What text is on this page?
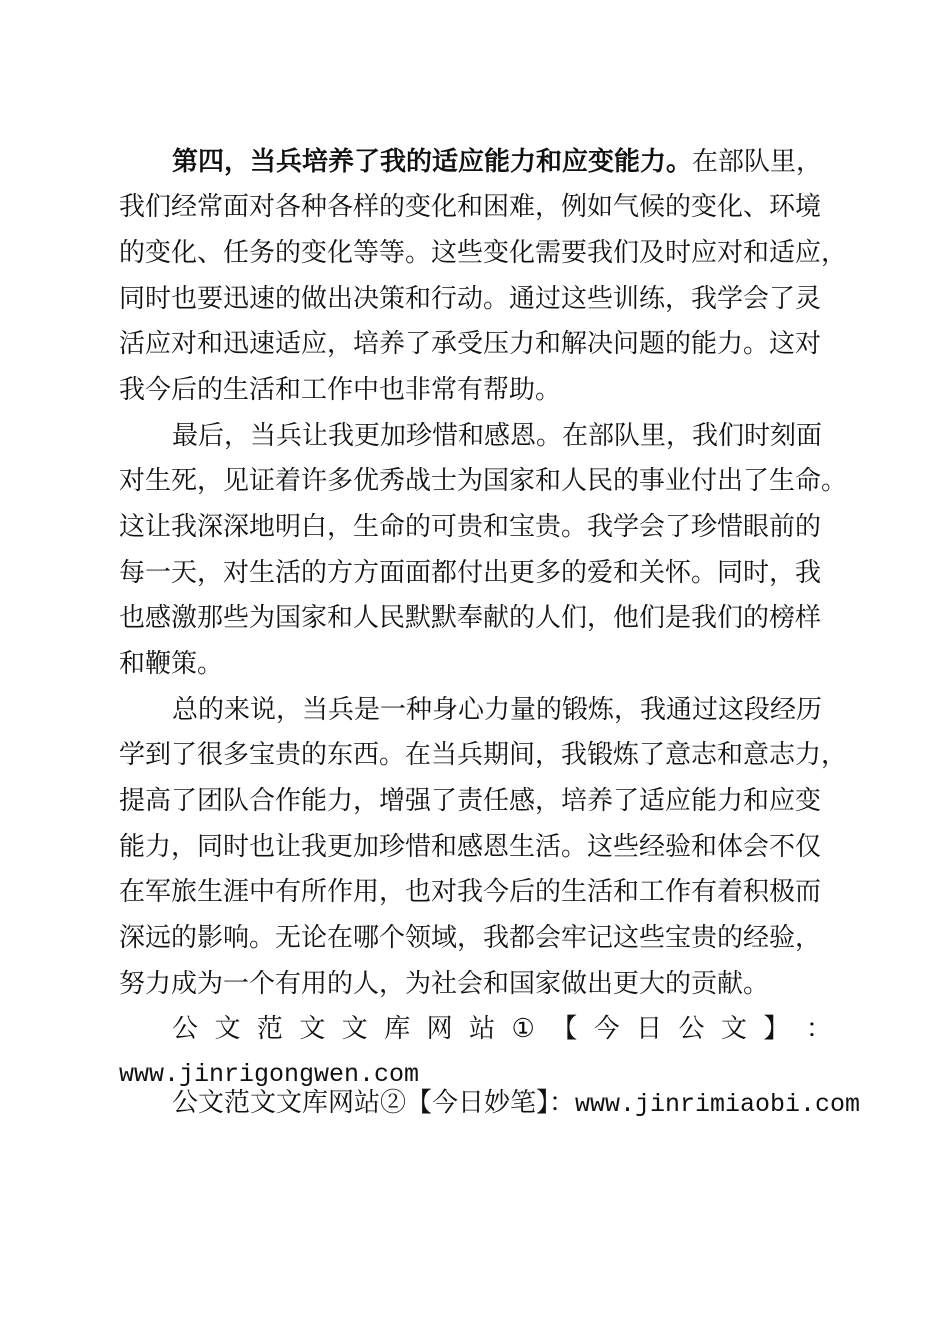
第四，当兵培养了我的适应能力和应变能力。在部队里，

我们经常面对各种各样的变化和困难，例如气候的变化、环境

的变化、任务的变化等等。这些变化需要我们及时应对和适应，

同时也要迅速的做出决策和行动。通过这些训练，我学会了灵

活应对和迅速适应，培养了承受压力和解决问题的能力。这对

我今后的生活和工作中也非常有帮助。

最后，当兵让我更加珍惜和感恩。在部队里，我们时刻面

对生死，见证着许多优秀战士为国家和人民的事业付出了生命。

这让我深深地明白，生命的可贵和宝贵。我学会了珍惜眼前的

每一天，对生活的方方面面都付出更多的爱和关怀。同时，我

也感激那些为国家和人民默默奉献的人们，他们是我们的榜样

和鞭策。

总的来说，当兵是一种身心力量的锻炼，我通过这段经历

学到了很多宝贵的东西。在当兵期间，我锻炼了意志和意志力，

提高了团队合作能力，增强了责任感，培养了适应能力和应变

能力，同时也让我更加珍惜和感恩生活。这些经验和体会不仅

在军旅生涯中有所作用，也对我今后的生活和工作有着积极而

深远的影响。无论在哪个领域，我都会牢记这些宝贵的经验，

努力成为一个有用的人，为社会和国家做出更大的贡献。

公 文 范 文 文 库 网 站 ① 【 今 日 公 文 】 ：

www.jinrigongwen.com

公文范文文库网站②【今日妙笔】：www.jinrimiaobi.com
